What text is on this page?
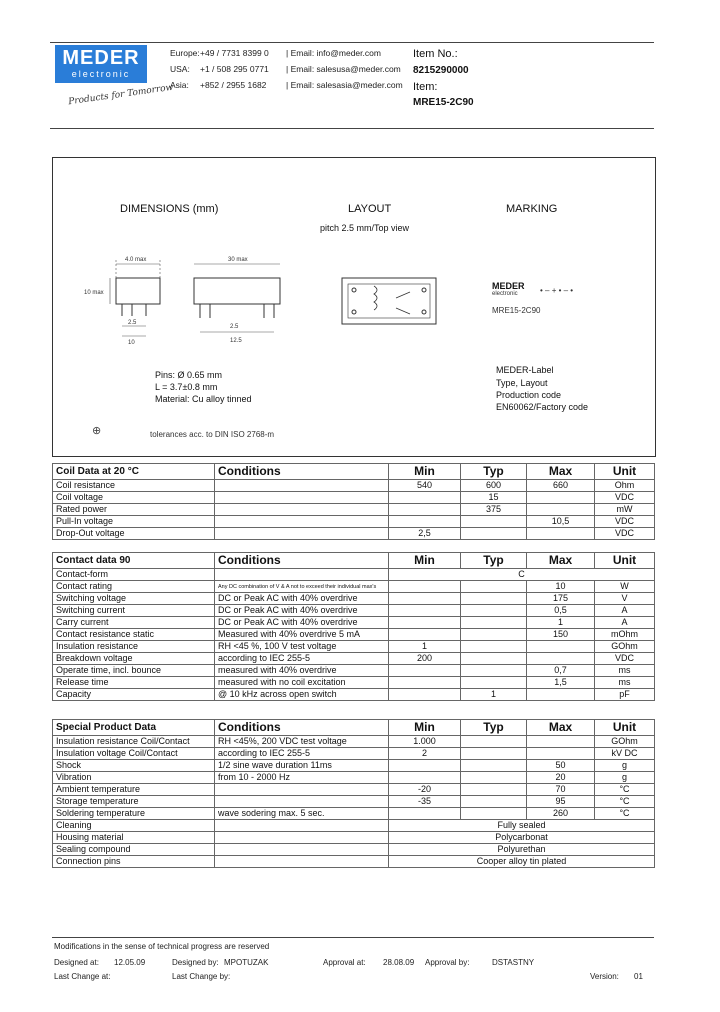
MEDER
electronic
Products for Tomorrow
Europe: +49 / 7731 8399 0 | Email: info@meder.com
USA: +1 / 508 295 0771 | Email: salesusa@meder.com
Asia: +852 / 2955 1682 | Email: salesasia@meder.com
Item No.:
8215290000
Item:
MRE15-2C90
DIMENSIONS (mm)	LAYOUT
pitch 2.5 mm/Top view
MARKING
4.0 max	30 max
10 max
2.5
10
2.5
12.5
MEDER
electronic
MRE15-2C90
• – + • – •
MEDER-Label
Type, Layout
Production code
EN60062/Factory code
Pins: Ø 0.65 mm
L = 3.7±0.8 mm
Material: Cu alloy tinned
⊕	tolerances acc. to DIN ISO 2768-m
Coil Data at 20 °C	Conditions	Min	Typ	Max	Unit
Coil resistance		540	600	660	Ohm
Coil voltage			15		VDC
Rated power			375		mW
Pull-In voltage				10,5	VDC
Drop-Out voltage		2,5			VDC
Contact data 90	Conditions	Min	Typ	Max	Unit
Contact-form		C			
Contact rating	Any DC combination of V & A not to exceed their individual max's			10	W
Switching voltage	DC or Peak AC with 40% overdrive			175	V
Switching current	DC or Peak AC with 40% overdrive			0,5	A
Carry current	DC or Peak AC with 40% overdrive			1	A
Contact resistance static	Measured with 40% overdrive 5 mA			150	mOhm
Insulation resistance	RH <45 %, 100 V test voltage	1			GOhm
Breakdown voltage	according to IEC 255-5	200			VDC
Operate time, incl. bounce	measured with 40% overdrive			0,7	ms
Release time	measured with no coil excitation			1,5	ms
Capacity	@ 10 kHz across open switch		1		pF
Special Product Data	Conditions	Min	Typ	Max	Unit
Insulation resistance Coil/Contact	RH <45%, 200 VDC test voltage	1.000			GOhm
Insulation voltage Coil/Contact	according to IEC 255-5	2			kV DC
Shock	1/2 sine wave duration 11ms			50	g
Vibration	from 10 - 2000 Hz			20	g
Ambient temperature		-20		70	°C
Storage temperature		-35		95	°C
Soldering temperature	wave sodering max. 5 sec.			260	°C
Cleaning		Fully sealed			
Housing material		Polycarbonat			
Sealing compound		Polyurethan			
Connection pins		Cooper alloy tin plated			
Modifications in the sense of technical progress are reserved
Designed at: 12.05.09	Designed by: MPOTUZAK	Approval at: 28.08.09 Approval by:	DSTASTNY
Last Change at:	Last Change by:	Version: 01
